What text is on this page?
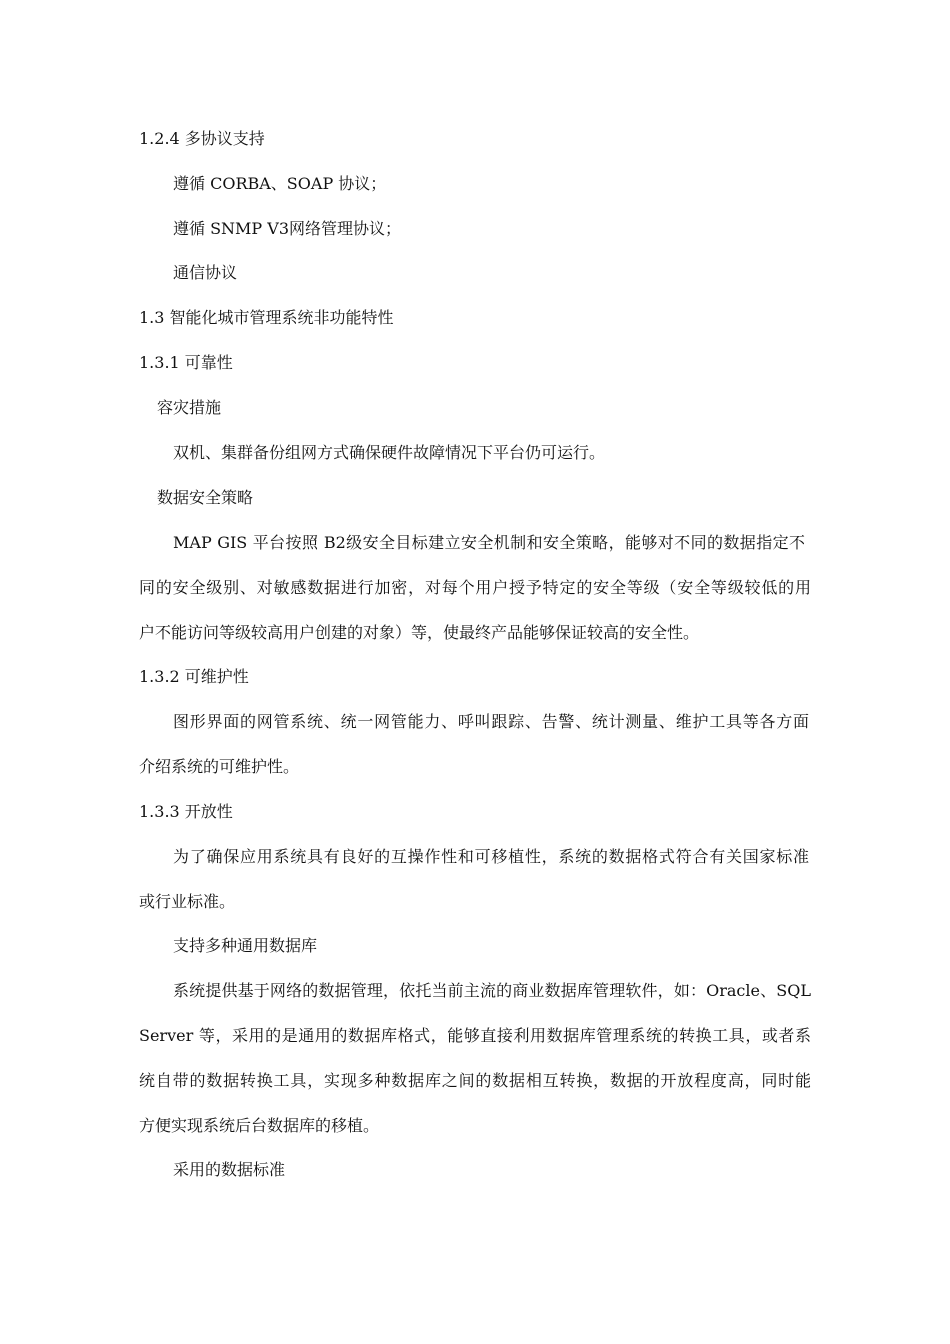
1.2.4 多协议支持
遵循 CORBA、SOAP 协议；
遵循 SNMP V3网络管理协议；
通信协议
1.3 智能化城市管理系统非功能特性
1.3.1 可靠性
容灾措施
双机、集群备份组网方式确保硬件故障情况下平台仍可运行。
数据安全策略
MAP GIS 平台按照 B2级安全目标建立安全机制和安全策略，能够对不同的数据指定不
同的安全级别、对敏感数据进行加密，对每个用户授予特定的安全等级（安全等级较低的用
户不能访问等级较高用户创建的对象）等，使最终产品能够保证较高的安全性。
1.3.2 可维护性
图形界面的网管系统、统一网管能力、呼叫跟踪、告警、统计测量、维护工具等各方面
介绍系统的可维护性。
1.3.3 开放性
为了确保应用系统具有良好的互操作性和可移植性，系统的数据格式符合有关国家标准
或行业标准。
支持多种通用数据库
系统提供基于网络的数据管理，依托当前主流的商业数据库管理软件，如：Oracle、SQL
Server 等，采用的是通用的数据库格式，能够直接利用数据库管理系统的转换工具，或者系
统自带的数据转换工具，实现多种数据库之间的数据相互转换，数据的开放程度高，同时能
方便实现系统后台数据库的移植。
采用的数据标准
